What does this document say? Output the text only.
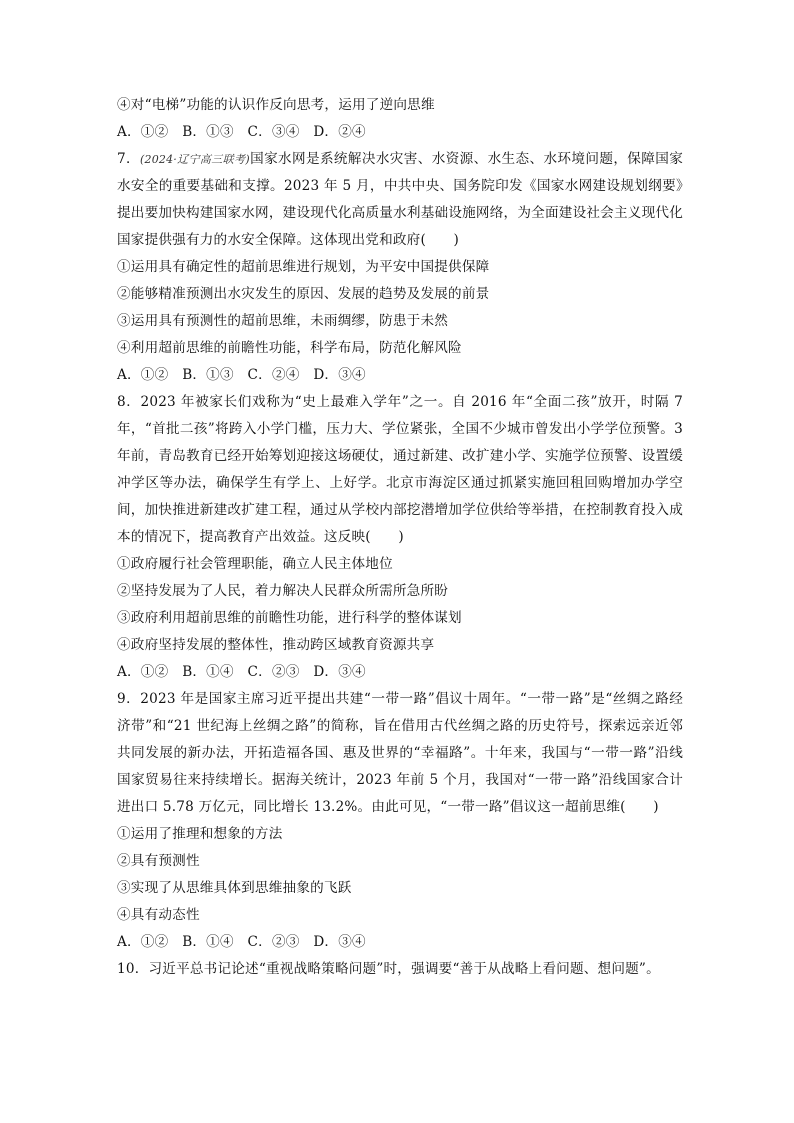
④对“电梯”功能的认识作反向思考，运用了逆向思维
A．①②　B．①③　C．③④　D．②④
7．(2024·辽宁高三联考)国家水网是系统解决水灾害、水资源、水生态、水环境问题，保障国家水安全的重要基础和支撑。2023 年 5 月，中共中央、国务院印发《国家水网建设规划纲要》提出要加快构建国家水网，建设现代化高质量水利基础设施网络，为全面建设社会主义现代化国家提供强有力的水安全保障。这体现出党和政府(　　)
①运用具有确定性的超前思维进行规划，为平安中国提供保障
②能够精准预测出水灾发生的原因、发展的趋势及发展的前景
③运用具有预测性的超前思维，未雨绸缪，防患于未然
④利用超前思维的前瞻性功能，科学布局，防范化解风险
A．①②　B．①③　C．②④　D．③④
8．2023 年被家长们戏称为“史上最难入学年”之一。自 2016 年“全面二孩”放开，时隔 7 年，“首批二孩”将跨入小学门槛，压力大、学位紧张，全国不少城市曾发出小学学位预警。3 年前，青岛教育已经开始筹划迎接这场硬仗，通过新建、改扩建小学、实施学位预警、设置缓冲学区等办法，确保学生有学上、上好学。北京市海淀区通过抓紧实施回租回购增加办学空间，加快推进新建改扩建工程，通过从学校内部挖潜增加学位供给等举措，在控制教育投入成本的情况下，提高教育产出效益。这反映(　　)
①政府履行社会管理职能，确立人民主体地位
②坚持发展为了人民，着力解决人民群众所需所急所盼
③政府利用超前思维的前瞻性功能，进行科学的整体谋划
④政府坚持发展的整体性，推动跨区域教育资源共享
A．①②　B．①④　C．②③　D．③④
9．2023 年是国家主席习近平提出共建“一带一路”倡议十周年。“一带一路”是“丝绸之路经济带”和“21 世纪海上丝绸之路”的简称，旨在借用古代丝绸之路的历史符号，探索远亲近邻共同发展的新办法，开拓造福各国、惠及世界的“幸福路”。十年来，我国与“一带一路”沿线国家贸易往来持续增长。据海关统计，2023 年前 5 个月，我国对“一带一路”沿线国家合计进出口 5.78 万亿元，同比增长 13.2%。由此可见，“一带一路”倡议这一超前思维(　　)
①运用了推理和想象的方法
②具有预测性
③实现了从思维具体到思维抽象的飞跃
④具有动态性
A．①②　B．①④　C．②③　D．③④
10．习近平总书记论述“重视战略策略问题”时，强调要“善于从战略上看问题、想问题”。
